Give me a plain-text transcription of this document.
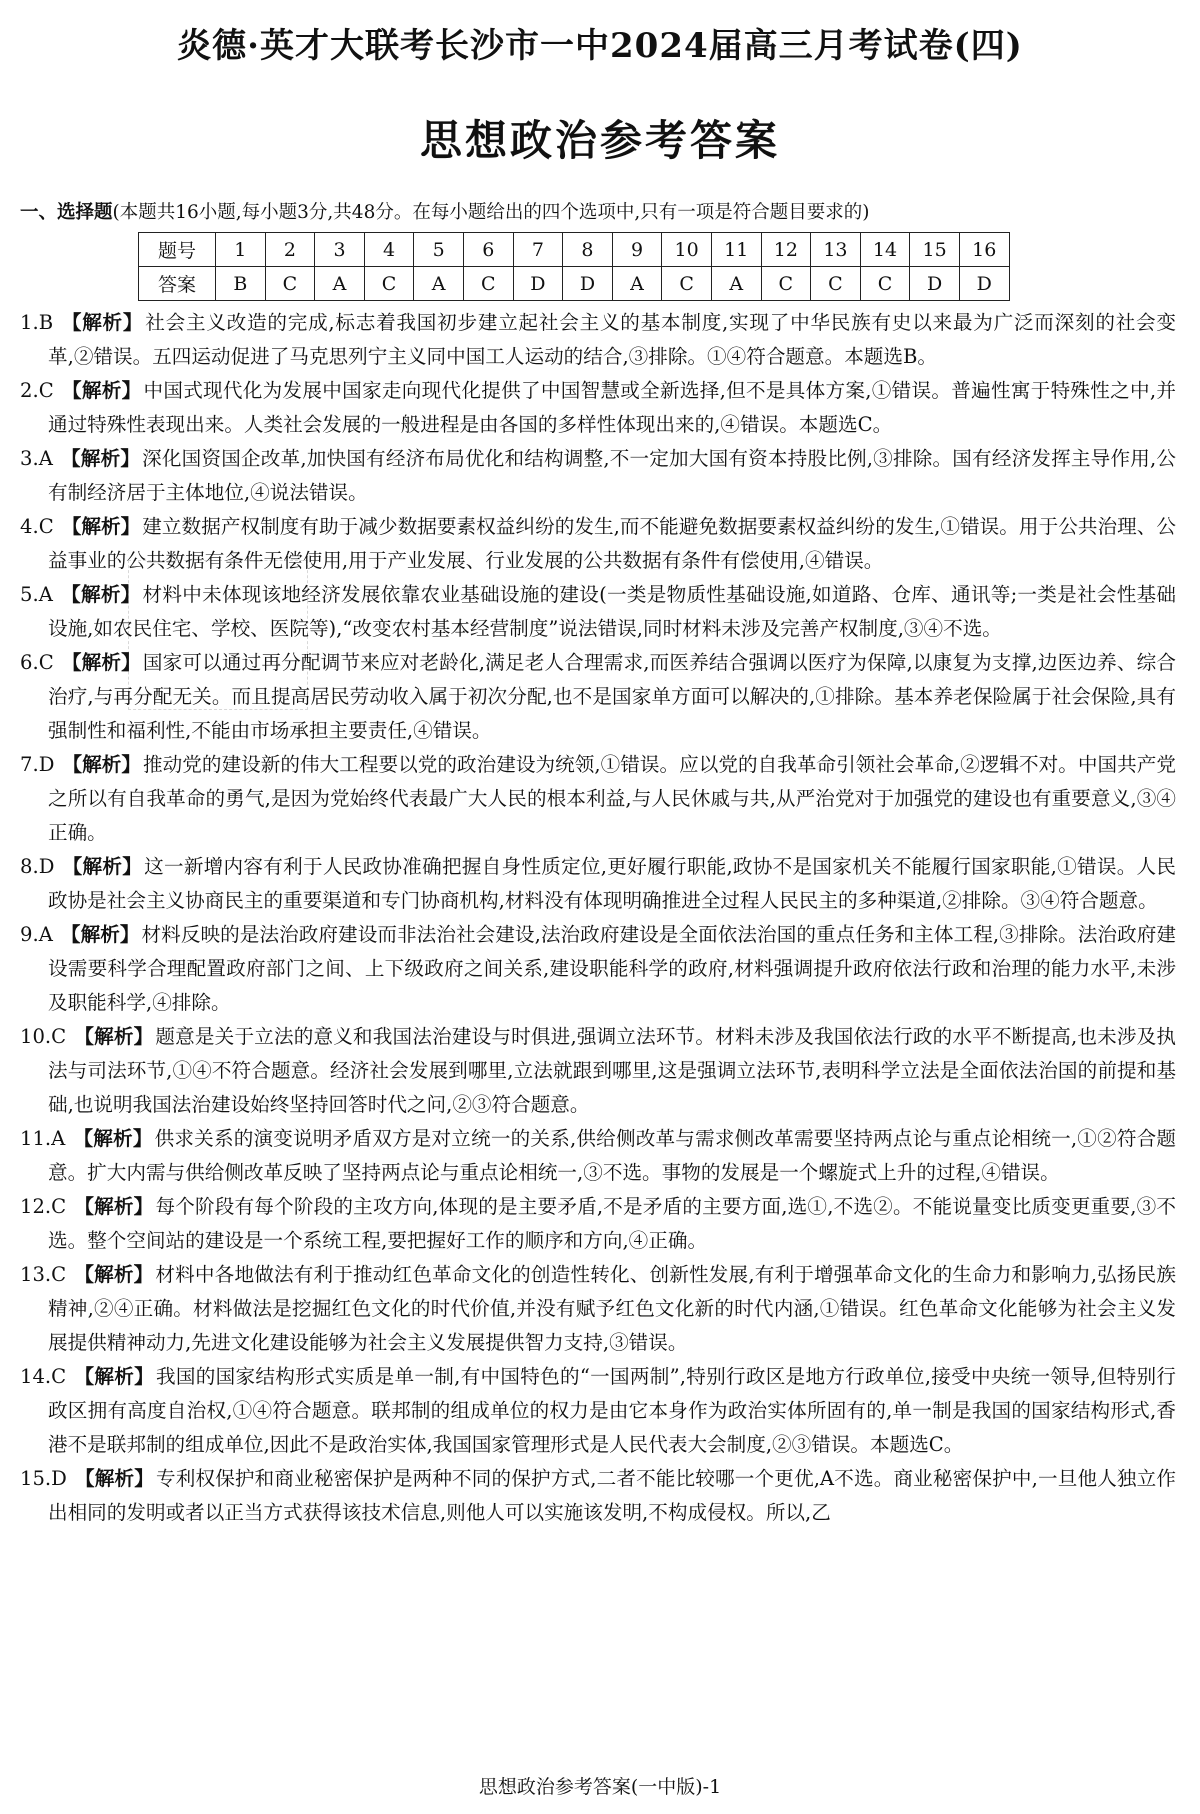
炎德·英才大联考长沙市一中2024届高三月考试卷(四)
思想政治参考答案
一、选择题(本题共16小题,每小题3分,共48分。在每小题给出的四个选项中,只有一项是符合题目要求的)
题号	1	2	3	4	5	6	7	8	9	10	11	12	13	14	15	16
答案	B	C	A	C	A	C	D	D	A	C	A	C	C	C	D	D
1.B 【解析】 社会主义改造的完成,标志着我国初步建立起社会主义的基本制度,实现了中华民族有史以来最为广泛而深刻的社会变革,②错误。五四运动促进了马克思列宁主义同中国工人运动的结合,③排除。①④符合题意。本题选B。
2.C 【解析】 中国式现代化为发展中国家走向现代化提供了中国智慧或全新选择,但不是具体方案,①错误。普遍性寓于特殊性之中,并通过特殊性表现出来。人类社会发展的一般进程是由各国的多样性体现出来的,④错误。本题选C。
3.A 【解析】 深化国资国企改革,加快国有经济布局优化和结构调整,不一定加大国有资本持股比例,③排除。国有经济发挥主导作用,公有制经济居于主体地位,④说法错误。
4.C 【解析】 建立数据产权制度有助于减少数据要素权益纠纷的发生,而不能避免数据要素权益纠纷的发生,①错误。用于公共治理、公益事业的公共数据有条件无偿使用,用于产业发展、行业发展的公共数据有条件有偿使用,④错误。
5.A 【解析】 材料中未体现该地经济发展依靠农业基础设施的建设(一类是物质性基础设施,如道路、仓库、通讯等;一类是社会性基础设施,如农民住宅、学校、医院等),“改变农村基本经营制度”说法错误,同时材料未涉及完善产权制度,③④不选。
6.C 【解析】 国家可以通过再分配调节来应对老龄化,满足老人合理需求,而医养结合强调以医疗为保障,以康复为支撑,边医边养、综合治疗,与再分配无关。而且提高居民劳动收入属于初次分配,也不是国家单方面可以解决的,①排除。基本养老保险属于社会保险,具有强制性和福利性,不能由市场承担主要责任,④错误。
7.D 【解析】 推动党的建设新的伟大工程要以党的政治建设为统领,①错误。应以党的自我革命引领社会革命,②逻辑不对。中国共产党之所以有自我革命的勇气,是因为党始终代表最广大人民的根本利益,与人民休戚与共,从严治党对于加强党的建设也有重要意义,③④正确。
8.D 【解析】 这一新增内容有利于人民政协准确把握自身性质定位,更好履行职能,政协不是国家机关不能履行国家职能,①错误。人民政协是社会主义协商民主的重要渠道和专门协商机构,材料没有体现明确推进全过程人民民主的多种渠道,②排除。③④符合题意。
9.A 【解析】 材料反映的是法治政府建设而非法治社会建设,法治政府建设是全面依法治国的重点任务和主体工程,③排除。法治政府建设需要科学合理配置政府部门之间、上下级政府之间关系,建设职能科学的政府,材料强调提升政府依法行政和治理的能力水平,未涉及职能科学,④排除。
10.C 【解析】 题意是关于立法的意义和我国法治建设与时俱进,强调立法环节。材料未涉及我国依法行政的水平不断提高,也未涉及执法与司法环节,①④不符合题意。经济社会发展到哪里,立法就跟到哪里,这是强调立法环节,表明科学立法是全面依法治国的前提和基础,也说明我国法治建设始终坚持回答时代之问,②③符合题意。
11.A 【解析】 供求关系的演变说明矛盾双方是对立统一的关系,供给侧改革与需求侧改革需要坚持两点论与重点论相统一,①②符合题意。扩大内需与供给侧改革反映了坚持两点论与重点论相统一,③不选。事物的发展是一个螺旋式上升的过程,④错误。
12.C 【解析】 每个阶段有每个阶段的主攻方向,体现的是主要矛盾,不是矛盾的主要方面,选①,不选②。不能说量变比质变更重要,③不选。整个空间站的建设是一个系统工程,要把握好工作的顺序和方向,④正确。
13.C 【解析】 材料中各地做法有利于推动红色革命文化的创造性转化、创新性发展,有利于增强革命文化的生命力和影响力,弘扬民族精神,②④正确。材料做法是挖掘红色文化的时代价值,并没有赋予红色文化新的时代内涵,①错误。红色革命文化能够为社会主义发展提供精神动力,先进文化建设能够为社会主义发展提供智力支持,③错误。
14.C 【解析】 我国的国家结构形式实质是单一制,有中国特色的“一国两制”,特别行政区是地方行政单位,接受中央统一领导,但特别行政区拥有高度自治权,①④符合题意。联邦制的组成单位的权力是由它本身作为政治实体所固有的,单一制是我国的国家结构形式,香港不是联邦制的组成单位,因此不是政治实体,我国国家管理形式是人民代表大会制度,②③错误。本题选C。
15.D 【解析】 专利权保护和商业秘密保护是两种不同的保护方式,二者不能比较哪一个更优,A不选。商业秘密保护中,一旦他人独立作出相同的发明或者以正当方式获得该技术信息,则他人可以实施该发明,不构成侵权。所以,乙
思想政治参考答案(一中版)-1
